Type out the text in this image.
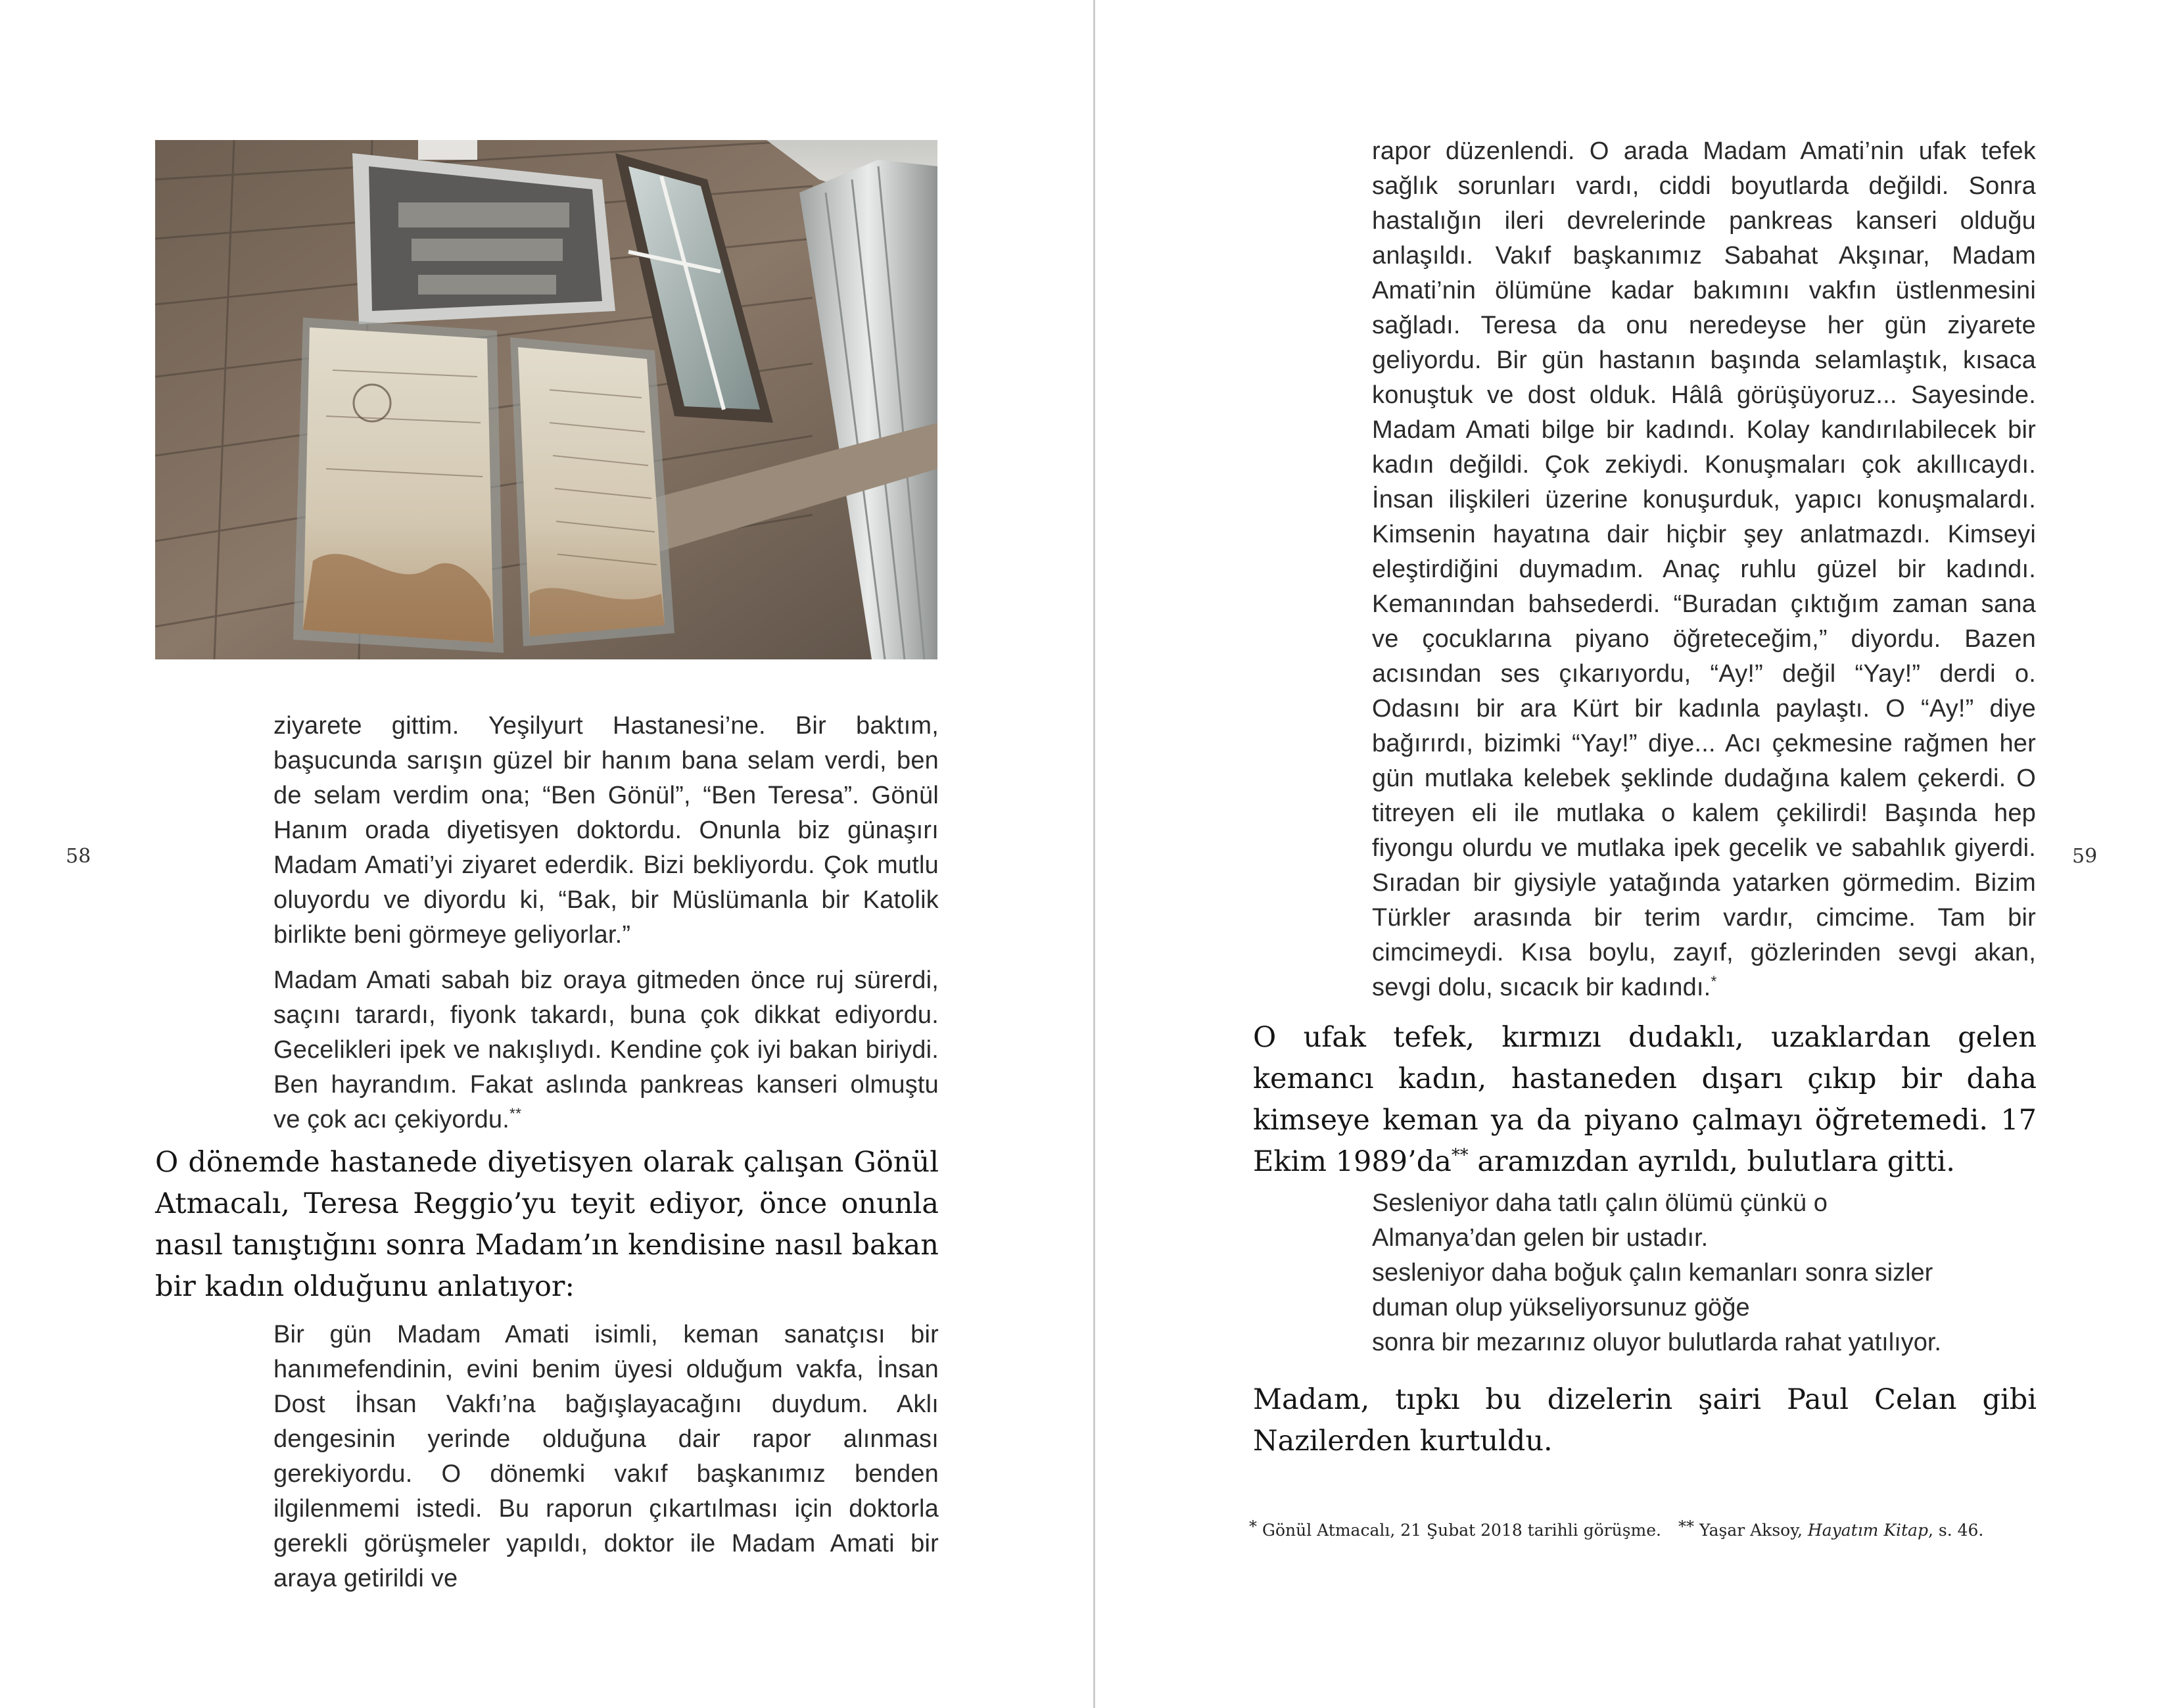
58

ziyarete gittim. Yeşilyurt Hastanesi’ne. Bir baktım, başucunda sarışın güzel bir hanım bana selam verdi, ben de selam verdim ona; “Ben Gönül”, “Ben Teresa”. Gönül Hanım orada diyetisyen doktordu. Onunla biz günaşırı Madam Amati’yi ziyaret ederdik. Bizi bekliyordu. Çok mutlu oluyordu ve diyordu ki, “Bak, bir Müslümanla bir Katolik birlikte beni görmeye geliyorlar.”

Madam Amati sabah biz oraya gitmeden önce ruj sürerdi, saçını tarardı, fiyonk takardı, buna çok dikkat ediyordu. Gecelikleri ipek ve nakışlıydı. Kendine çok iyi bakan biriydi. Ben hayrandım. Fakat aslında pankreas kanseri olmuştu ve çok acı çekiyordu.**

O dönemde hastanede diyetisyen olarak çalışan Gönül Atmacalı, Teresa Reggio’yu teyit ediyor, önce onunla nasıl tanıştığını sonra Madam’ın kendisine nasıl bakan bir kadın olduğunu anlatıyor:

Bir gün Madam Amati isimli, keman sanatçısı bir hanımefendinin, evini benim üyesi olduğum vakfa, İnsan Dost İhsan Vakfı’na bağışlayacağını duydum. Aklı dengesinin yerinde olduğuna dair rapor alınması gerekiyordu. O dönemki vakıf başkanımız benden ilgilenmemi istedi. Bu raporun çıkartılması için doktorla gerekli görüşmeler yapıldı, doktor ile Madam Amati bir araya getirildi ve

59

rapor düzenlendi. O arada Madam Amati’nin ufak tefek sağlık sorunları vardı, ciddi boyutlarda değildi. Sonra hastalığın ileri devrelerinde pankreas kanseri olduğu anlaşıldı. Vakıf başkanımız Sabahat Akşınar, Madam Amati’nin ölümüne kadar bakımını vakfın üstlenmesini sağladı. Teresa da onu neredeyse her gün ziyarete geliyordu. Bir gün hastanın başında selamlaştık, kısaca konuştuk ve dost olduk. Hâlâ görüşüyoruz... Sayesinde. Madam Amati bilge bir kadındı. Kolay kandırılabilecek bir kadın değildi. Çok zekiydi. Konuşmaları çok akıllıcaydı. İnsan ilişkileri üzerine konuşurduk, yapıcı konuşmalardı. Kimsenin hayatına dair hiçbir şey anlatmazdı. Kimseyi eleştirdiğini duymadım. Anaç ruhlu güzel bir kadındı. Kemanından bahsederdi. “Buradan çıktığım zaman sana ve çocuklarına piyano öğreteceğim,” diyordu. Bazen acısından ses çıkarıyordu, “Ay!” değil “Yay!” derdi o. Odasını bir ara Kürt bir kadınla paylaştı. O “Ay!” diye bağırırdı, bizimki “Yay!” diye... Acı çekmesine rağmen her gün mutlaka kelebek şeklinde dudağına kalem çekerdi. O titreyen eli ile mutlaka o kalem çekilirdi! Başında hep fiyongu olurdu ve mutlaka ipek gecelik ve sabahlık giyerdi. Sıradan bir giysiyle yatağında yatarken görmedim. Bizim Türkler arasında bir terim vardır, cimcime. Tam bir cimcimeydi. Kısa boylu, zayıf, gözlerinden sevgi akan, sevgi dolu, sıcacık bir kadındı.*

O ufak tefek, kırmızı dudaklı, uzaklardan gelen kemancı kadın, hastaneden dışarı çıkıp bir daha kimseye keman ya da piyano çalmayı öğretemedi. 17 Ekim 1989’da** aramızdan ayrıldı, bulutlara gitti.

Sesleniyor daha tatlı çalın ölümü çünkü o
Almanya’dan gelen bir ustadır.
sesleniyor daha boğuk çalın kemanları sonra sizler
duman olup yükseliyorsunuz göğe
sonra bir mezarınız oluyor bulutlarda rahat yatılıyor.

Madam, tıpkı bu dizelerin şairi Paul Celan gibi Nazilerden kurtuldu.

* Gönül Atmacalı, 21 Şubat 2018 tarihli görüşme. ** Yaşar Aksoy, Hayatım Kitap, s. 46.
